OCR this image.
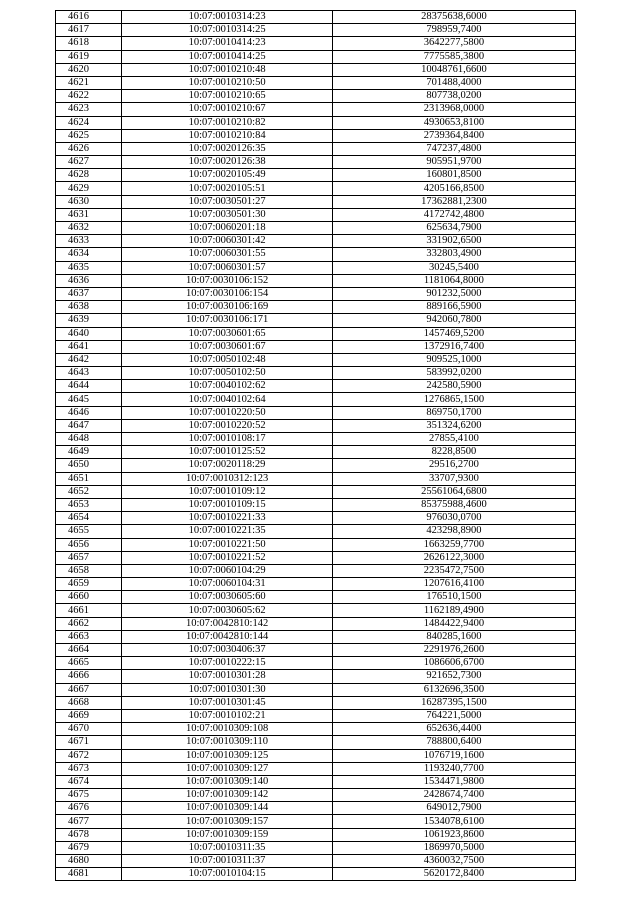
4616	10:07:0010314:23	28375638,6000
4617	10:07:0010314:25	798959,7400
4618	10:07:0010414:23	3642277,5800
4619	10:07:0010414:25	7775585,3800
4620	10:07:0010210:48	10048761,6600
4621	10:07:0010210:50	701488,4000
4622	10:07:0010210:65	807738,0200
4623	10:07:0010210:67	2313968,0000
4624	10:07:0010210:82	4930653,8100
4625	10:07:0010210:84	2739364,8400
4626	10:07:0020126:35	747237,4800
4627	10:07:0020126:38	905951,9700
4628	10:07:0020105:49	160801,8500
4629	10:07:0020105:51	4205166,8500
4630	10:07:0030501:27	17362881,2300
4631	10:07:0030501:30	4172742,4800
4632	10:07:0060201:18	625634,7900
4633	10:07:0060301:42	331902,6500
4634	10:07:0060301:55	332803,4900
4635	10:07:0060301:57	30245,5400
4636	10:07:0030106:152	1181064,8000
4637	10:07:0030106:154	901232,5000
4638	10:07:0030106:169	889166,5900
4639	10:07:0030106:171	942060,7800
4640	10:07:0030601:65	1457469,5200
4641	10:07:0030601:67	1372916,7400
4642	10:07:0050102:48	909525,1000
4643	10:07:0050102:50	583992,0200
4644	10:07:0040102:62	242580,5900
4645	10:07:0040102:64	1276865,1500
4646	10:07:0010220:50	869750,1700
4647	10:07:0010220:52	351324,6200
4648	10:07:0010108:17	27855,4100
4649	10:07:0010125:52	8228,8500
4650	10:07:0020118:29	29516,2700
4651	10:07:0010312:123	33707,9300
4652	10:07:0010109:12	25561064,6800
4653	10:07:0010109:15	85375988,4600
4654	10:07:0010221:33	976030,0700
4655	10:07:0010221:35	423298,8900
4656	10:07:0010221:50	1663259,7700
4657	10:07:0010221:52	2626122,3000
4658	10:07:0060104:29	2235472,7500
4659	10:07:0060104:31	1207616,4100
4660	10:07:0030605:60	176510,1500
4661	10:07:0030605:62	1162189,4900
4662	10:07:0042810:142	1484422,9400
4663	10:07:0042810:144	840285,1600
4664	10:07:0030406:37	2291976,2600
4665	10:07:0010222:15	1086606,6700
4666	10:07:0010301:28	921652,7300
4667	10:07:0010301:30	6132696,3500
4668	10:07:0010301:45	16287395,1500
4669	10:07:0010102:21	764221,5000
4670	10:07:0010309:108	652636,4400
4671	10:07:0010309:110	788800,6400
4672	10:07:0010309:125	1076719,1600
4673	10:07:0010309:127	1193240,7700
4674	10:07:0010309:140	1534471,9800
4675	10:07:0010309:142	2428674,7400
4676	10:07:0010309:144	649012,7900
4677	10:07:0010309:157	1534078,6100
4678	10:07:0010309:159	1061923,8600
4679	10:07:0010311:35	1869970,5000
4680	10:07:0010311:37	4360032,7500
4681	10:07:0010104:15	5620172,8400
